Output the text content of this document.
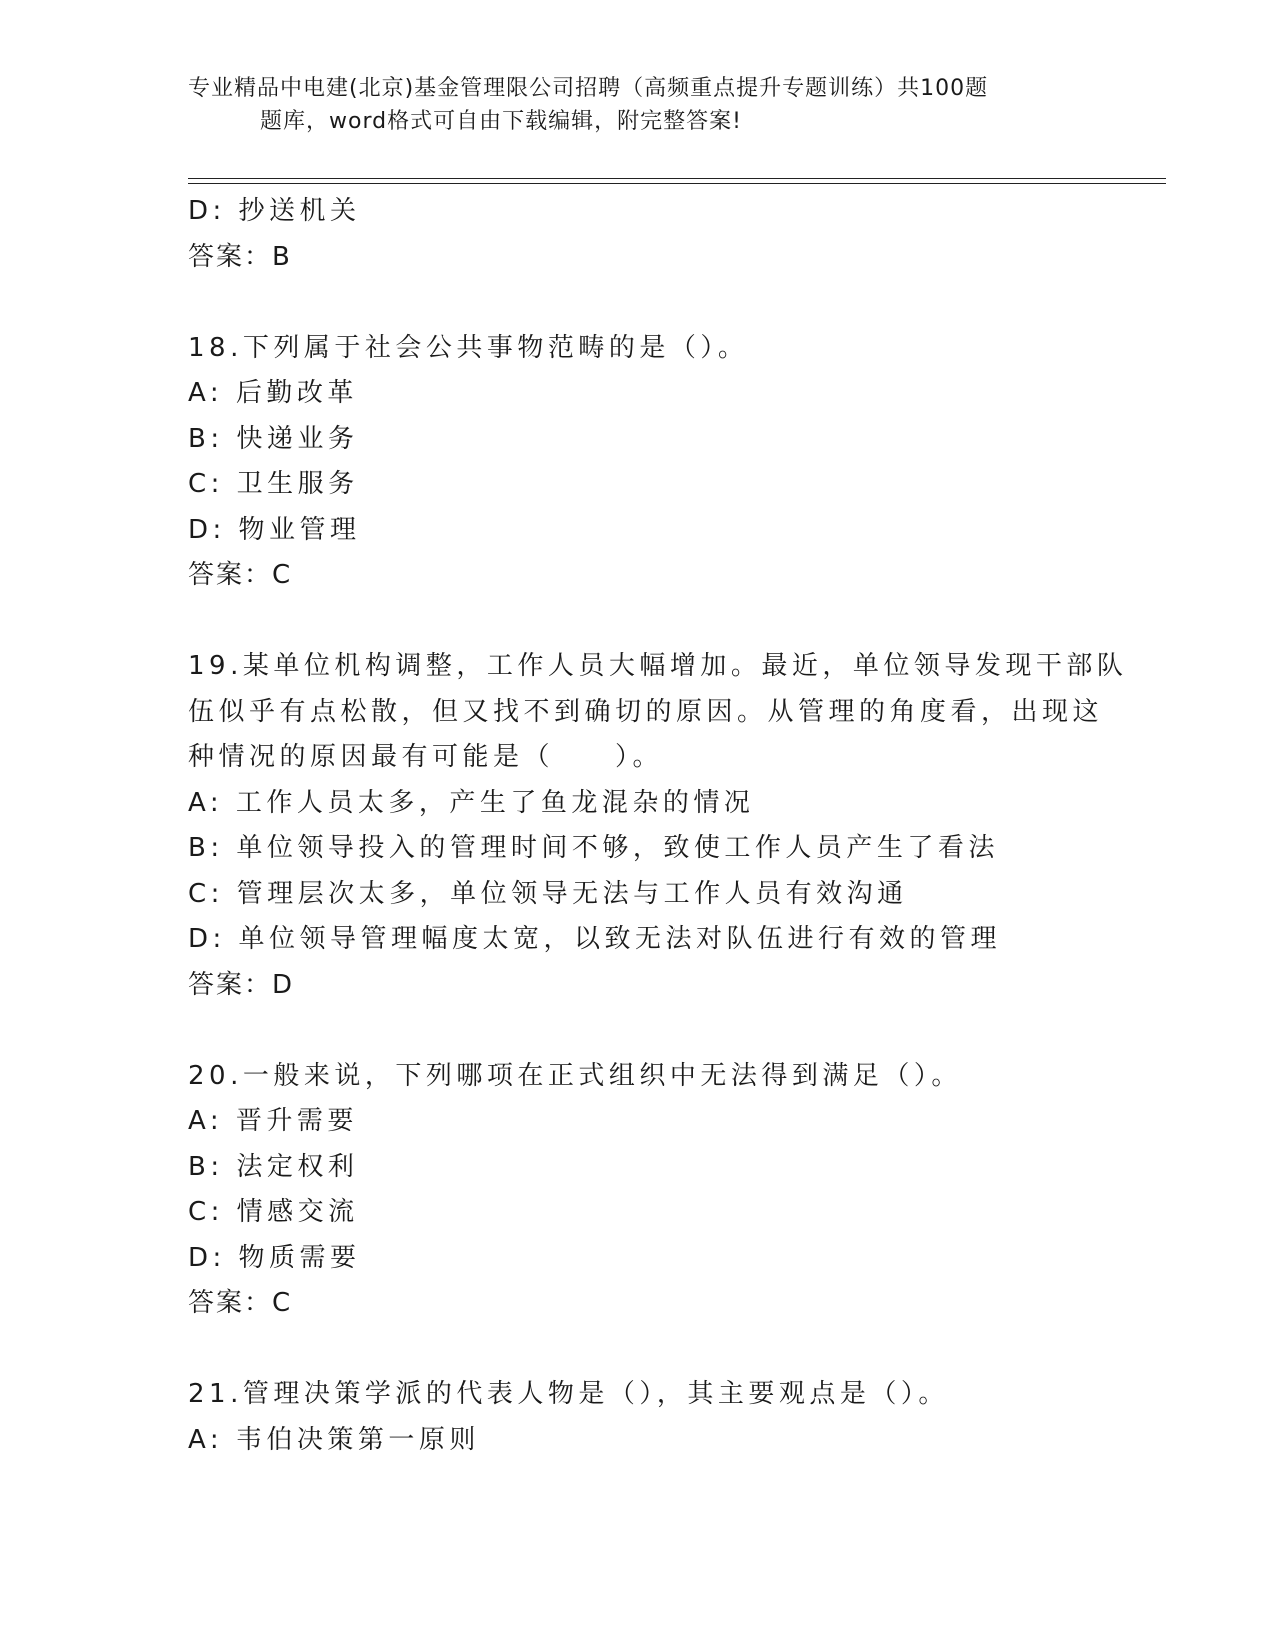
专业精品中电建(北京)基金管理限公司招聘（高频重点提升专题训练）共100题
题库，word格式可自由下载编辑，附完整答案!
D: 抄送机关
答案：B
18.下列属于社会公共事物范畴的是（）。
A: 后勤改革
B: 快递业务
C: 卫生服务
D: 物业管理
答案：C
19.某单位机构调整，工作人员大幅增加。最近，单位领导发现干部队
伍似乎有点松散，但又找不到确切的原因。从管理的角度看，出现这
种情况的原因最有可能是（　　）。
A: 工作人员太多，产生了鱼龙混杂的情况
B: 单位领导投入的管理时间不够，致使工作人员产生了看法
C: 管理层次太多，单位领导无法与工作人员有效沟通
D: 单位领导管理幅度太宽，以致无法对队伍进行有效的管理
答案：D
20.一般来说，下列哪项在正式组织中无法得到满足（）。
A: 晋升需要
B: 法定权利
C: 情感交流
D: 物质需要
答案：C
21.管理决策学派的代表人物是（），其主要观点是（）。
A: 韦伯决策第一原则
